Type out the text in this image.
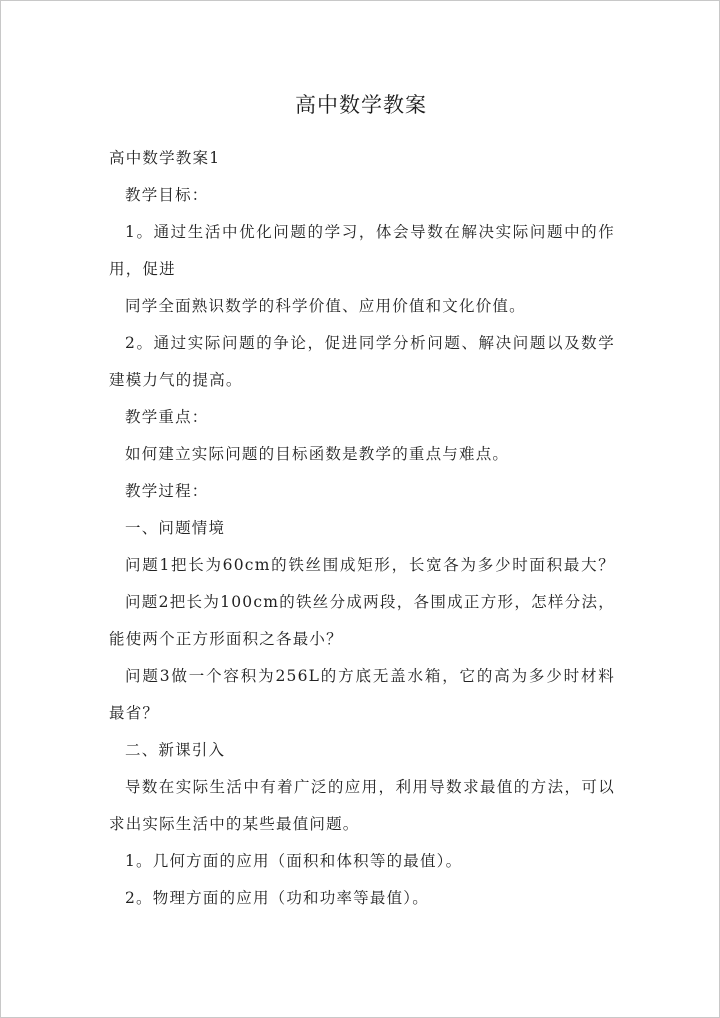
高中数学教案
高中数学教案1
教学目标：
1。通过生活中优化问题的学习，体会导数在解决实际问题中的作
用，促进
同学全面熟识数学的科学价值、应用价值和文化价值。
2。通过实际问题的争论，促进同学分析问题、解决问题以及数学
建模力气的提高。
教学重点：
如何建立实际问题的目标函数是教学的重点与难点。
教学过程：
一、问题情境
问题1把长为60cm的铁丝围成矩形，长宽各为多少时面积最大？
问题2把长为100cm的铁丝分成两段，各围成正方形，怎样分法，
能使两个正方形面积之各最小？
问题3做一个容积为256L的方底无盖水箱，它的高为多少时材料
最省？
二、新课引入
导数在实际生活中有着广泛的应用，利用导数求最值的方法，可以
求出实际生活中的某些最值问题。
1。几何方面的应用（面积和体积等的最值）。
2。物理方面的应用（功和功率等最值）。
